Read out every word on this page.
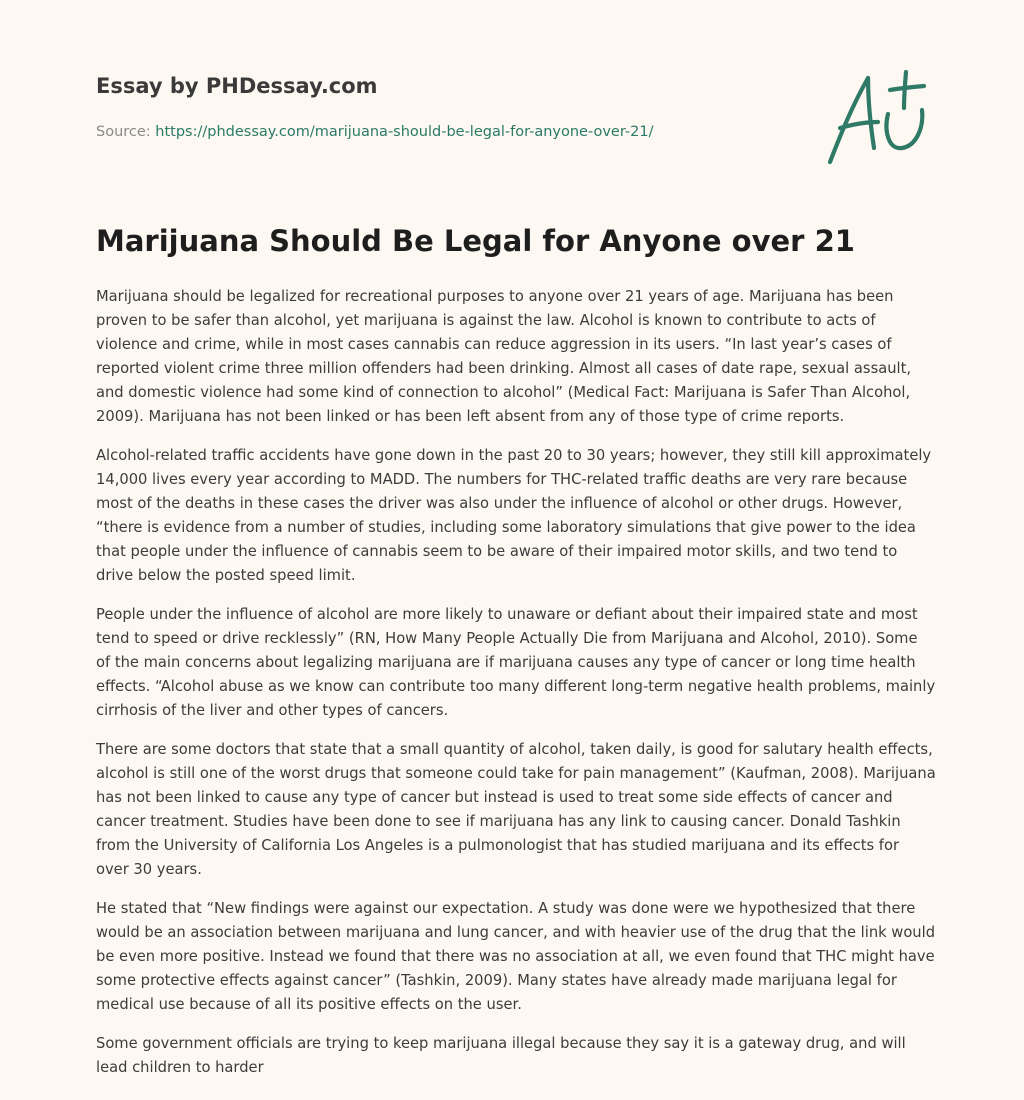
Essay by PHDessay.com
Source: https://phdessay.com/marijuana-should-be-legal-for-anyone-over-21/
Marijuana Should Be Legal for Anyone over 21

Marijuana should be legalized for recreational purposes to anyone over 21 years of age. Marijuana has been proven to be safer than alcohol, yet marijuana is against the law. Alcohol is known to contribute to acts of violence and crime, while in most cases cannabis can reduce aggression in its users. “In last year’s cases of reported violent crime three million offenders had been drinking. Almost all cases of date rape, sexual assault, and domestic violence had some kind of connection to alcohol” (Medical Fact: Marijuana is Safer Than Alcohol, 2009). Marijuana has not been linked or has been left absent from any of those type of crime reports.

Alcohol-related traffic accidents have gone down in the past 20 to 30 years; however, they still kill approximately 14,000 lives every year according to MADD. The numbers for THC-related traffic deaths are very rare because most of the deaths in these cases the driver was also under the influence of alcohol or other drugs. However, “there is evidence from a number of studies, including some laboratory simulations that give power to the idea that people under the influence of cannabis seem to be aware of their impaired motor skills, and two tend to drive below the posted speed limit.

People under the influence of alcohol are more likely to unaware or defiant about their impaired state and most tend to speed or drive recklessly” (RN, How Many People Actually Die from Marijuana and Alcohol, 2010). Some of the main concerns about legalizing marijuana are if marijuana causes any type of cancer or long time health effects. “Alcohol abuse as we know can contribute too many different long-term negative health problems, mainly cirrhosis of the liver and other types of cancers.

There are some doctors that state that a small quantity of alcohol, taken daily, is good for salutary health effects, alcohol is still one of the worst drugs that someone could take for pain management” (Kaufman, 2008). Marijuana has not been linked to cause any type of cancer but instead is used to treat some side effects of cancer and cancer treatment. Studies have been done to see if marijuana has any link to causing cancer. Donald Tashkin from the University of California Los Angeles is a pulmonologist that has studied marijuana and its effects for over 30 years.

He stated that “New findings were against our expectation. A study was done were we hypothesized that there would be an association between marijuana and lung cancer, and with heavier use of the drug that the link would be even more positive. Instead we found that there was no association at all, we even found that THC might have some protective effects against cancer” (Tashkin, 2009). Many states have already made marijuana legal for medical use because of all its positive effects on the user.

Some government officials are trying to keep marijuana illegal because they say it is a gateway drug, and will lead children to harder
